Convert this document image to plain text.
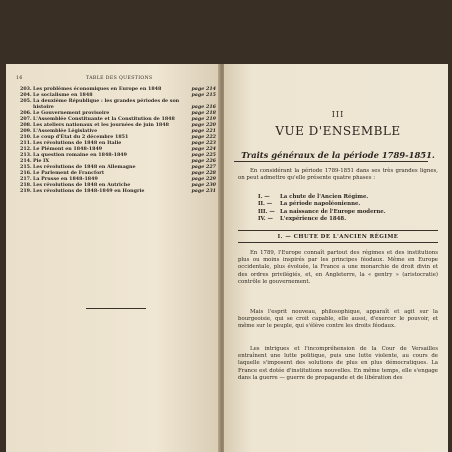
16	TABLE DES QUESTIONS
203. Les problèmes économiques en Europe en 1848	page 214
204. Le socialisme en 1848	page 215
205. La deuxième République : les grandes périodes de son histoire	page 216
206. Le Gouvernement provisoire	page 218
207. L'Assemblée Constituante et la Constitution de 1848	page 219
208. Les ateliers nationaux et les journées de juin 1848	page 220
209. L'Assemblée Législative	page 221
210. Le coup d'État du 2 décembre 1851	page 222
211. Les révolutions de 1848 en Italie	page 223
212. Le Piémont en 1848-1849	page 224
213. La question romaine en 1848-1849	page 225
214. Pie IX	page 226
215. Les révolutions de 1848 en Allemagne	page 227
216. Le Parlement de Francfort	page 228
217. La Prusse en 1848-1849	page 229
218. Les révolutions de 1848 en Autriche	page 230
219. Les révolutions de 1848-1849 en Hongrie	page 231
III
VUE D'ENSEMBLE
Traits généraux de la période 1789-1851.
En considérant la période 1789-1851 dans ses très grandes lignes, on peut admettre qu'elle présente quatre phases :
I. — La chute de l'Ancien Régime.
II. — La période napoléonienne.
III. — La naissance de l'Europe moderne.
IV. — L'expérience de 1848.
I. — CHUTE DE L'ANCIEN RÉGIME

En 1789, l'Europe connaît partout des régimes et des institutions plus ou moins inspirés par les principes féodaux. Même en Europe occidentale, plus évoluée, la France a une monarchie de droit divin et des ordres privilégiés, et, en Angleterre, la « gentry » (aristocratie) contrôle le gouvernement.

Mais l'esprit nouveau, philosophique, apparaît et agit sur la bourgeoisie, qui se croit capable, elle aussi, d'exercer le pouvoir, et même sur le peuple, qui s'élève contre les droits féodaux.

Les intrigues et l'incompréhension de la Cour de Versailles entraînent une lutte politique, puis une lutte violente, au cours de laquelle s'imposent des solutions de plus en plus démocratiques. La France est dotée d'institutions nouvelles. En même temps, elle s'engage dans la guerre — guerre de propagande et de libération des
